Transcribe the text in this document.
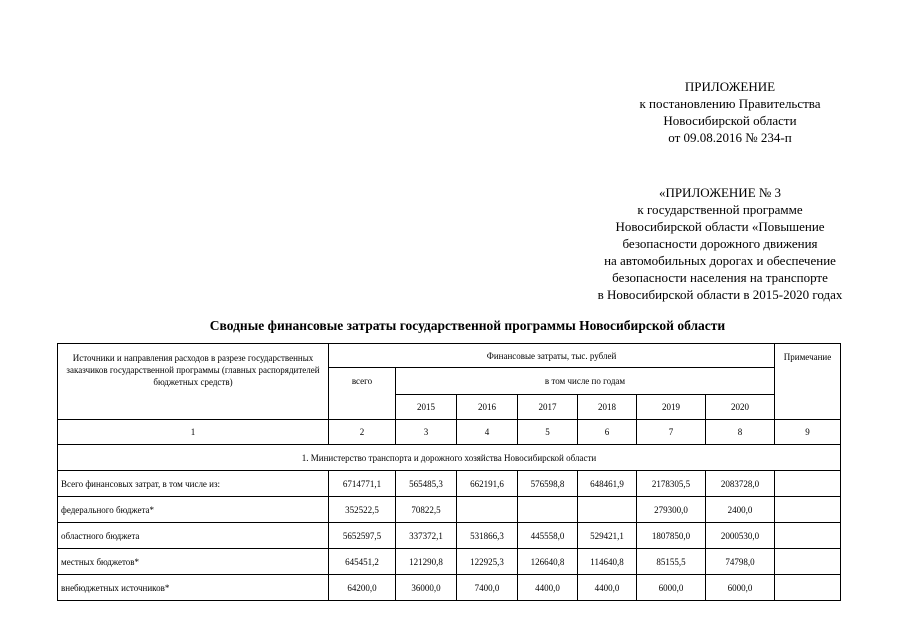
ПРИЛОЖЕНИЕ
к постановлению Правительства
Новосибирской области
от 09.08.2016 № 234-п
«ПРИЛОЖЕНИЕ № 3
к государственной программе
Новосибирской области «Повышение
безопасности дорожного движения
на автомобильных дорогах и обеспечение
безопасности населения на транспорте
в Новосибирской области в 2015-2020 годах
Сводные финансовые затраты государственной программы Новосибирской области
Источники и направления расходов в разрезе государственных заказчиков государственной программы (главных распорядителей бюджетных средств)	Финансовые затраты, тыс. рублей							Примечание
	всего	в том числе по годам						
		2015	2016	2017	2018	2019	2020	
1	2	3	4	5	6	7	8	9
1. Министерство транспорта и дорожного хозяйства Новосибирской области								
Всего финансовых затрат, в том числе из:	6714771,1	565485,3	662191,6	576598,8	648461,9	2178305,5	2083728,0	
федерального бюджета*	352522,5	70822,5				279300,0	2400,0	
областного бюджета	5652597,5	337372,1	531866,3	445558,0	529421,1	1807850,0	2000530,0	
местных бюджетов*	645451,2	121290,8	122925,3	126640,8	114640,8	85155,5	74798,0	
внебюджетных источников*	64200,0	36000,0	7400,0	4400,0	4400,0	6000,0	6000,0	
